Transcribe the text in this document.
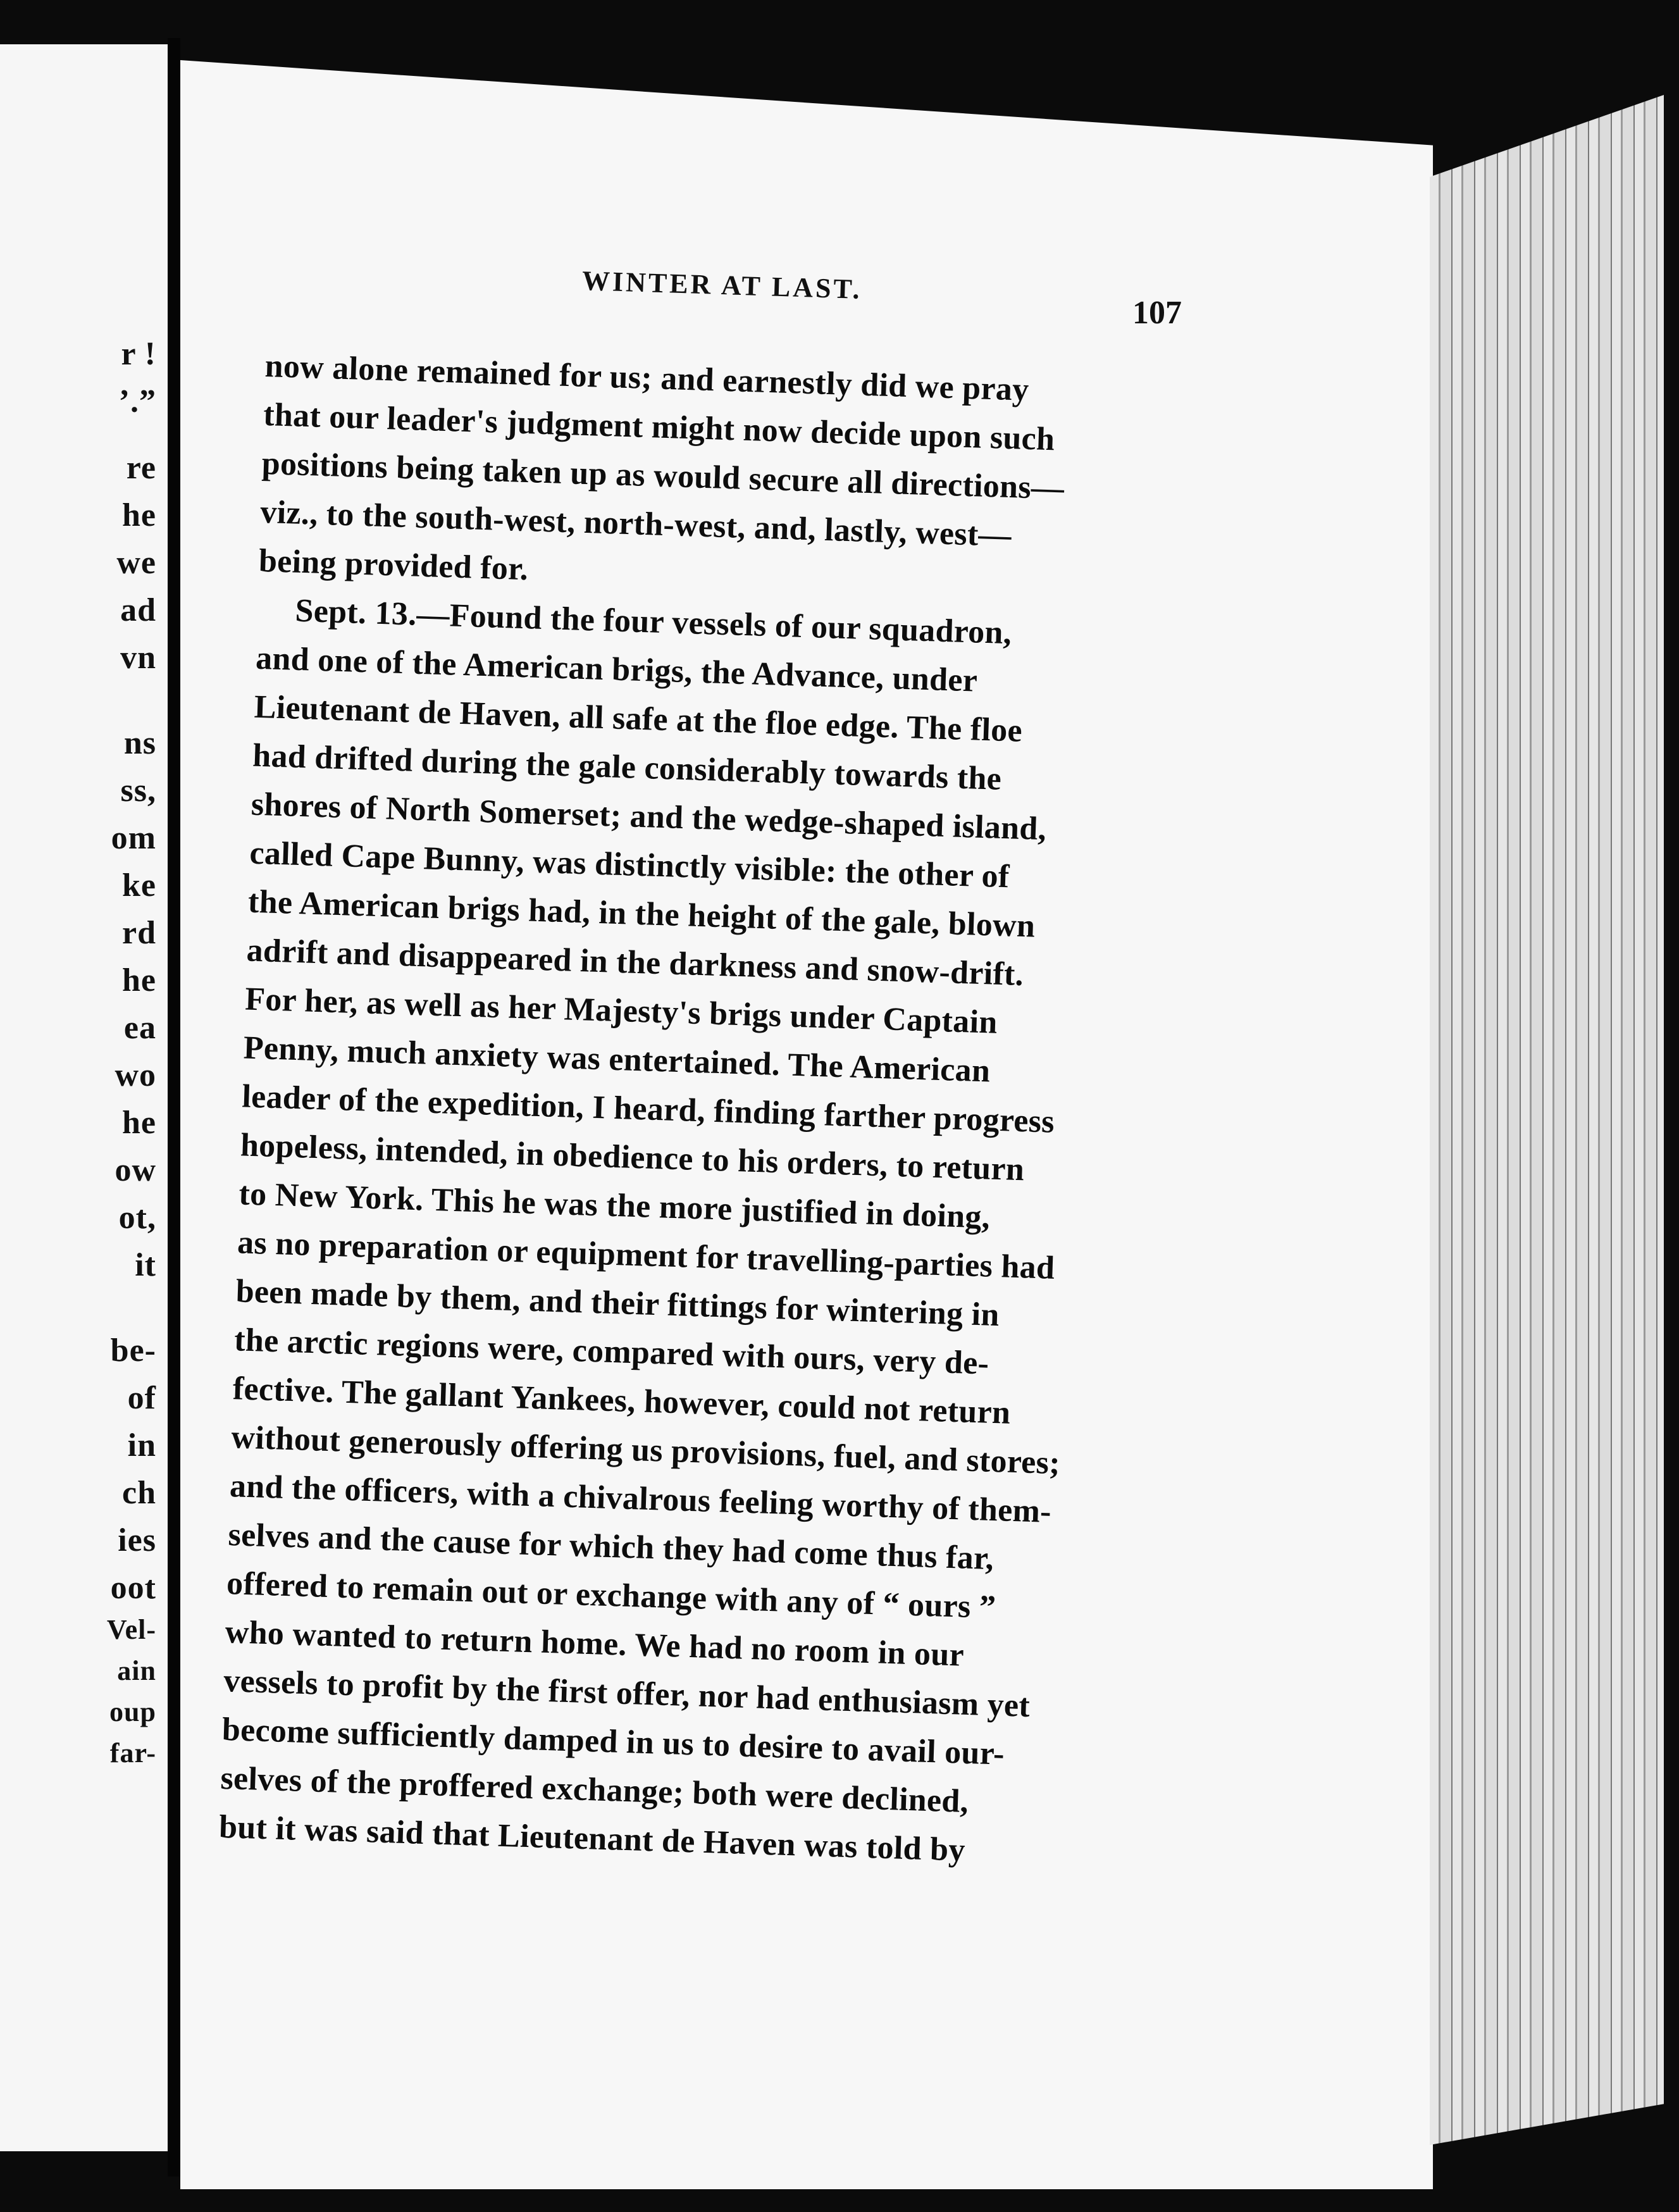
r !
’.”
re
he
we
ad
vn
ns
ss,
om
ke
rd
he
ea
wo
he
ow
ot,
it
be-
of
in
ch
ies
oot
Vel-
ain
oup
far-
WINTER AT LAST.
107
now alone remained for us; and earnestly did we pray
that our leader's judgment might now decide upon such
positions being taken up as would secure all directions—
viz., to the south-west, north-west, and, lastly, west—
being provided for.
Sept. 13.—Found the four vessels of our squadron,
and one of the American brigs, the Advance, under
Lieutenant de Haven, all safe at the floe edge. The floe
had drifted during the gale considerably towards the
shores of North Somerset; and the wedge-shaped island,
called Cape Bunny, was distinctly visible: the other of
the American brigs had, in the height of the gale, blown
adrift and disappeared in the darkness and snow-drift.
For her, as well as her Majesty's brigs under Captain
Penny, much anxiety was entertained. The American
leader of the expedition, I heard, finding farther progress
hopeless, intended, in obedience to his orders, to return
to New York. This he was the more justified in doing,
as no preparation or equipment for travelling-parties had
been made by them, and their fittings for wintering in
the arctic regions were, compared with ours, very de-
fective. The gallant Yankees, however, could not return
without generously offering us provisions, fuel, and stores;
and the officers, with a chivalrous feeling worthy of them-
selves and the cause for which they had come thus far,
offered to remain out or exchange with any of “ ours ”
who wanted to return home. We had no room in our
vessels to profit by the first offer, nor had enthusiasm yet
become sufficiently damped in us to desire to avail our-
selves of the proffered exchange; both were declined,
but it was said that Lieutenant de Haven was told by
